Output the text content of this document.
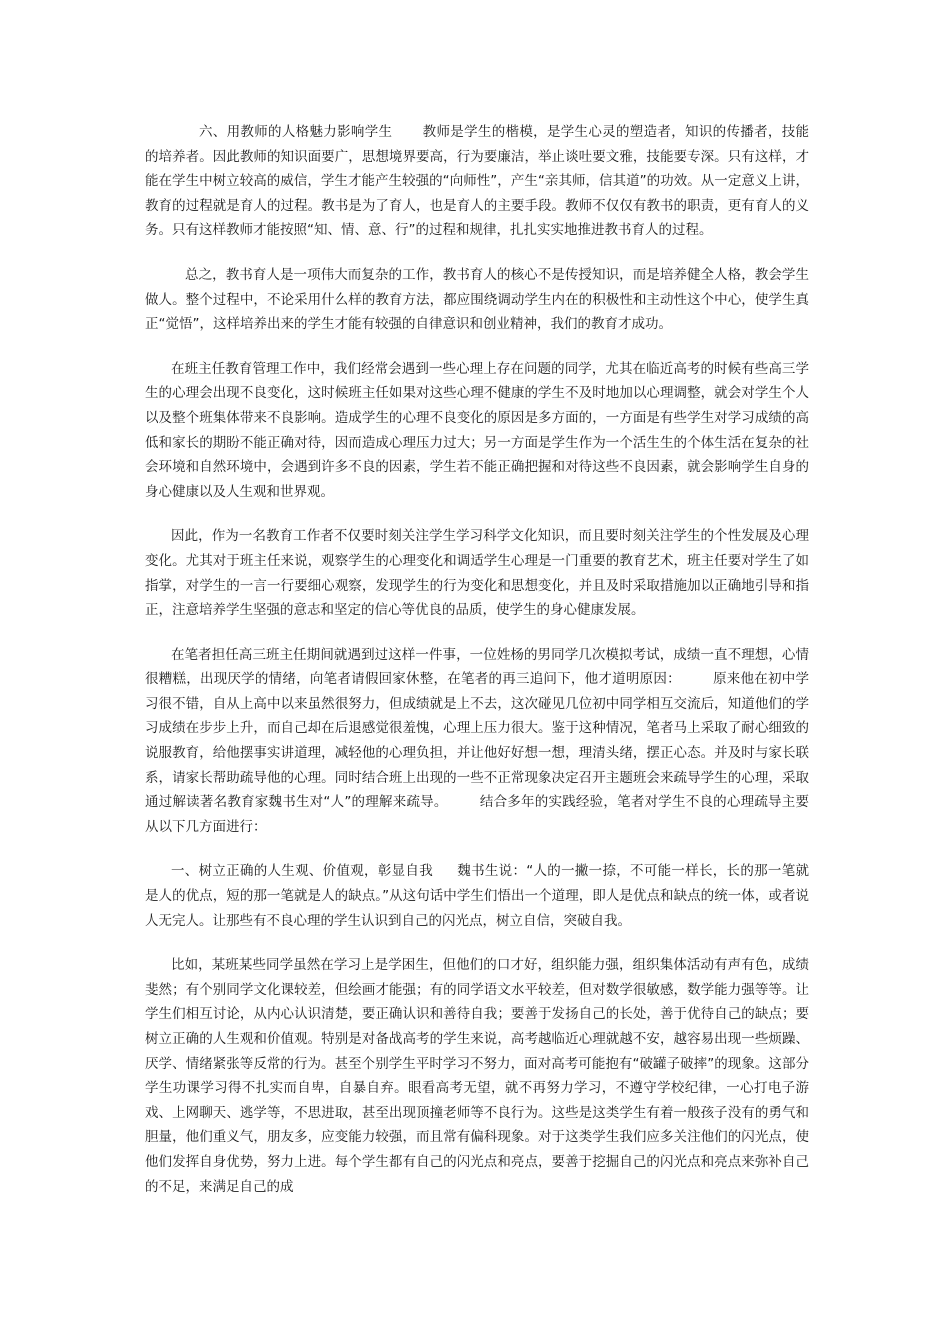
六、用教师的人格魅力影响学生 教师是学生的楷模，是学生心灵的塑造者，知识的传播者，技能的培养者。因此教师的知识面要广，思想境界要高，行为要廉洁，举止谈吐要文雅，技能要专深。只有这样，才能在学生中树立较高的威信，学生才能产生较强的“向师性”，产生“亲其师，信其道”的功效。从一定意义上讲，教育的过程就是育人的过程。教书是为了育人，也是育人的主要手段。教师不仅仅有教书的职责，更有育人的义务。只有这样教师才能按照“知、情、意、行”的过程和规律，扎扎实实地推进教书育人的过程。

总之，教书育人是一项伟大而复杂的工作，教书育人的核心不是传授知识，而是培养健全人格，教会学生做人。整个过程中，不论采用什么样的教育方法，都应围绕调动学生内在的积极性和主动性这个中心，使学生真正“觉悟”，这样培养出来的学生才能有较强的自律意识和创业精神，我们的教育才成功。

在班主任教育管理工作中，我们经常会遇到一些心理上存在问题的同学，尤其在临近高考的时候有些高三学生的心理会出现不良变化，这时候班主任如果对这些心理不健康的学生不及时地加以心理调整，就会对学生个人以及整个班集体带来不良影响。造成学生的心理不良变化的原因是多方面的，一方面是有些学生对学习成绩的高低和家长的期盼不能正确对待，因而造成心理压力过大；另一方面是学生作为一个活生生的个体生活在复杂的社会环境和自然环境中，会遇到许多不良的因素，学生若不能正确把握和对待这些不良因素，就会影响学生自身的身心健康以及人生观和世界观。

因此，作为一名教育工作者不仅要时刻关注学生学习科学文化知识，而且要时刻关注学生的个性发展及心理变化。尤其对于班主任来说，观察学生的心理变化和调适学生心理是一门重要的教育艺术，班主任要对学生了如指掌，对学生的一言一行要细心观察，发现学生的行为变化和思想变化，并且及时采取措施加以正确地引导和指正，注意培养学生坚强的意志和坚定的信心等优良的品质，使学生的身心健康发展。

在笔者担任高三班主任期间就遇到过这样一件事，一位姓杨的男同学几次模拟考试，成绩一直不理想，心情很糟糕，出现厌学的情绪，向笔者请假回家休整，在笔者的再三追问下，他才道明原因： 原来他在初中学习很不错，自从上高中以来虽然很努力，但成绩就是上不去，这次碰见几位初中同学相互交流后，知道他们的学习成绩在步步上升，而自己却在后退感觉很羞愧，心理上压力很大。鉴于这种情况，笔者马上采取了耐心细致的说服教育，给他摆事实讲道理，减轻他的心理负担，并让他好好想一想，理清头绪，摆正心态。并及时与家长联系，请家长帮助疏导他的心理。同时结合班上出现的一些不正常现象决定召开主题班会来疏导学生的心理，采取通过解读著名教育家魏书生对“人”的理解来疏导。 结合多年的实践经验，笔者对学生不良的心理疏导主要从以下几方面进行：

一、树立正确的人生观、价值观，彰显自我 魏书生说：“人的一撇一捺，不可能一样长，长的那一笔就是人的优点，短的那一笔就是人的缺点。”从这句话中学生们悟出一个道理，即人是优点和缺点的统一体，或者说人无完人。让那些有不良心理的学生认识到自己的闪光点，树立自信，突破自我。

比如，某班某些同学虽然在学习上是学困生，但他们的口才好，组织能力强，组织集体活动有声有色，成绩斐然；有个别同学文化课较差，但绘画才能强；有的同学语文水平较差，但对数学很敏感，数学能力强等等。让学生们相互讨论，从内心认识清楚，要正确认识和善待自我；要善于发扬自己的长处，善于优待自己的缺点；要树立正确的人生观和价值观。特别是对备战高考的学生来说，高考越临近心理就越不安，越容易出现一些烦躁、厌学、情绪紧张等反常的行为。甚至个别学生平时学习不努力，面对高考可能抱有“破罐子破摔”的现象。这部分学生功课学习得不扎实而自卑，自暴自弃。眼看高考无望，就不再努力学习，不遵守学校纪律，一心打电子游戏、上网聊天、逃学等，不思进取，甚至出现顶撞老师等不良行为。这些是这类学生有着一般孩子没有的勇气和胆量，他们重义气，朋友多，应变能力较强，而且常有偏科现象。对于这类学生我们应多关注他们的闪光点，使他们发挥自身优势，努力上进。每个学生都有自己的闪光点和亮点，要善于挖掘自己的闪光点和亮点来弥补自己的不足，来满足自己的成
